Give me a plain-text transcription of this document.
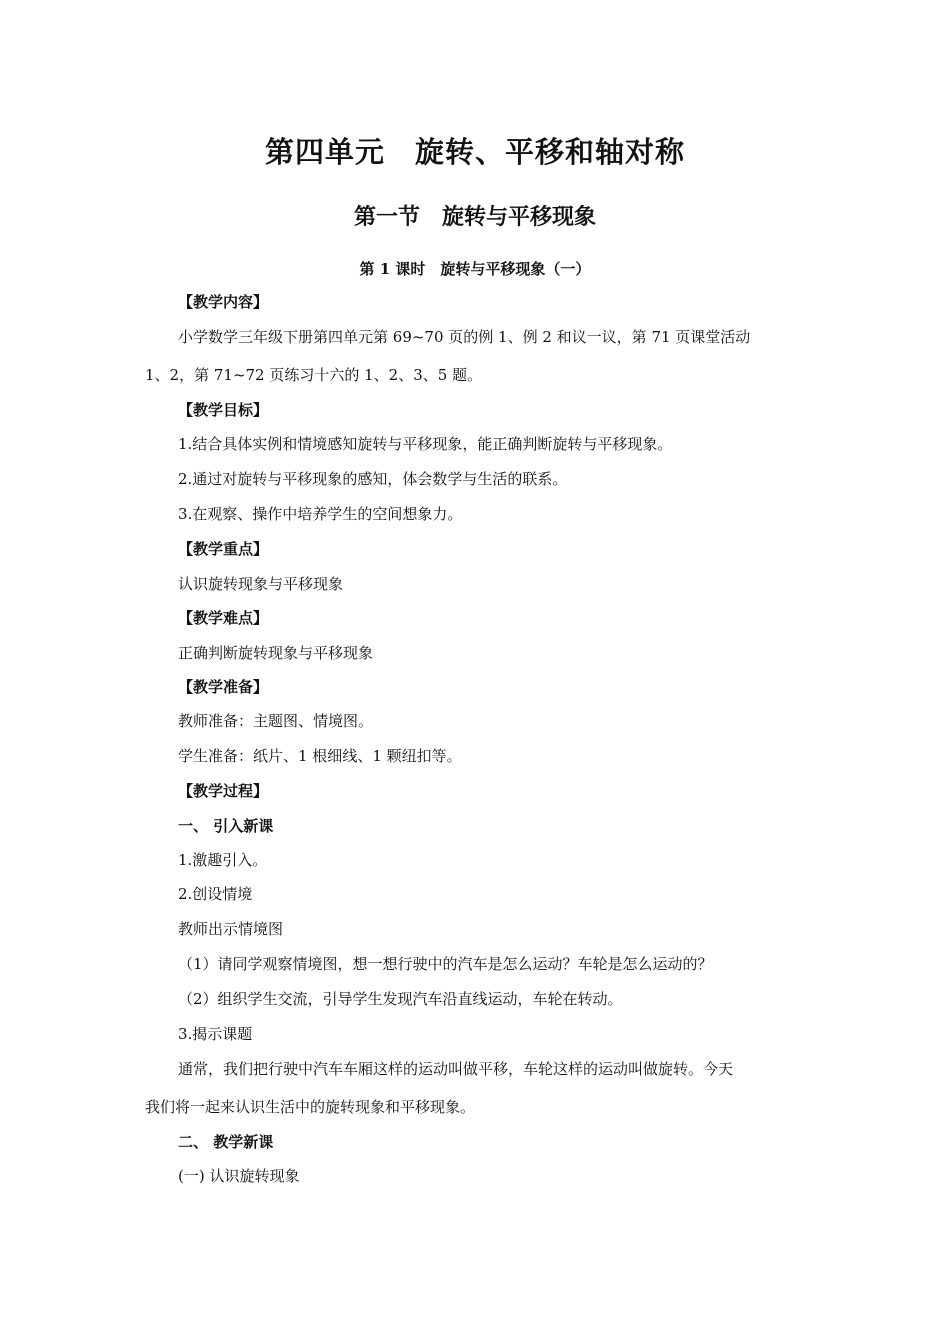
第四单元　旋转、平移和轴对称
第一节　旋转与平移现象
第 1 课时　旋转与平移现象（一）
【教学内容】
小学数学三年级下册第四单元第 69~70 页的例 1、例 2 和议一议，第 71 页课堂活动
1、2，第 71~72 页练习十六的 1、2、3、5 题。
【教学目标】
1.结合具体实例和情境感知旋转与平移现象，能正确判断旋转与平移现象。
2.通过对旋转与平移现象的感知，体会数学与生活的联系。
3.在观察、操作中培养学生的空间想象力。
【教学重点】
认识旋转现象与平移现象
【教学难点】
正确判断旋转现象与平移现象
【教学准备】
教师准备：主题图、情境图。
学生准备：纸片、1 根细线、1 颗纽扣等。
【教学过程】
一、 引入新课
1.激趣引入。
2.创设情境
教师出示情境图
（1）请同学观察情境图，想一想行驶中的汽车是怎么运动？车轮是怎么运动的？
（2）组织学生交流，引导学生发现汽车沿直线运动，车轮在转动。
3.揭示课题
通常，我们把行驶中汽车车厢这样的运动叫做平移，车轮这样的运动叫做旋转。今天
我们将一起来认识生活中的旋转现象和平移现象。
二、 教学新课
(一) 认识旋转现象
